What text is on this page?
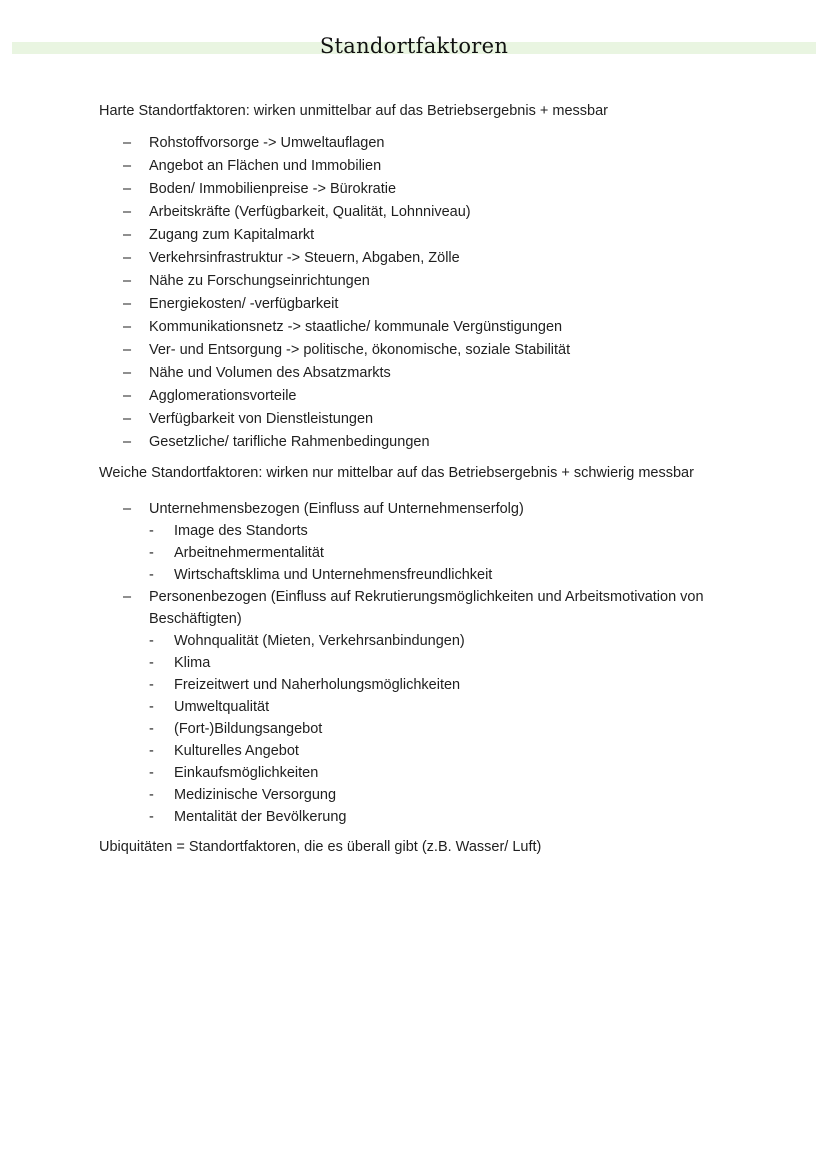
Standortfaktoren

Harte Standortfaktoren: wirken unmittelbar auf das Betriebsergebnis + messbar

– Rohstoffvorsorge -> Umweltauflagen
– Angebot an Flächen und Immobilien
– Boden/ Immobilienpreise -> Bürokratie
– Arbeitskräfte (Verfügbarkeit, Qualität, Lohnniveau)
– Zugang zum Kapitalmarkt
– Verkehrsinfrastruktur -> Steuern, Abgaben, Zölle
– Nähe zu Forschungseinrichtungen
– Energiekosten/ -verfügbarkeit
– Kommunikationsnetz -> staatliche/ kommunale Vergünstigungen
– Ver- und Entsorgung -> politische, ökonomische, soziale Stabilität
– Nähe und Volumen des Absatzmarkts
– Agglomerationsvorteile
– Verfügbarkeit von Dienstleistungen
– Gesetzliche/ tarifliche Rahmenbedingungen

Weiche Standortfaktoren: wirken nur mittelbar auf das Betriebsergebnis + schwierig messbar

– Unternehmensbezogen (Einfluss auf Unternehmenserfolg)
- Image des Standorts
- Arbeitnehmermentalität
- Wirtschaftsklima und Unternehmensfreundlichkeit
– Personenbezogen (Einfluss auf Rekrutierungsmöglichkeiten und Arbeitsmotivation von Beschäftigten)
- Wohnqualität (Mieten, Verkehrsanbindungen)
- Klima
- Freizeitwert und Naherholungsmöglichkeiten
- Umweltqualität
- (Fort-)Bildungsangebot
- Kulturelles Angebot
- Einkaufsmöglichkeiten
- Medizinische Versorgung
- Mentalität der Bevölkerung

Ubiquitäten = Standortfaktoren, die es überall gibt (z.B. Wasser/ Luft)
